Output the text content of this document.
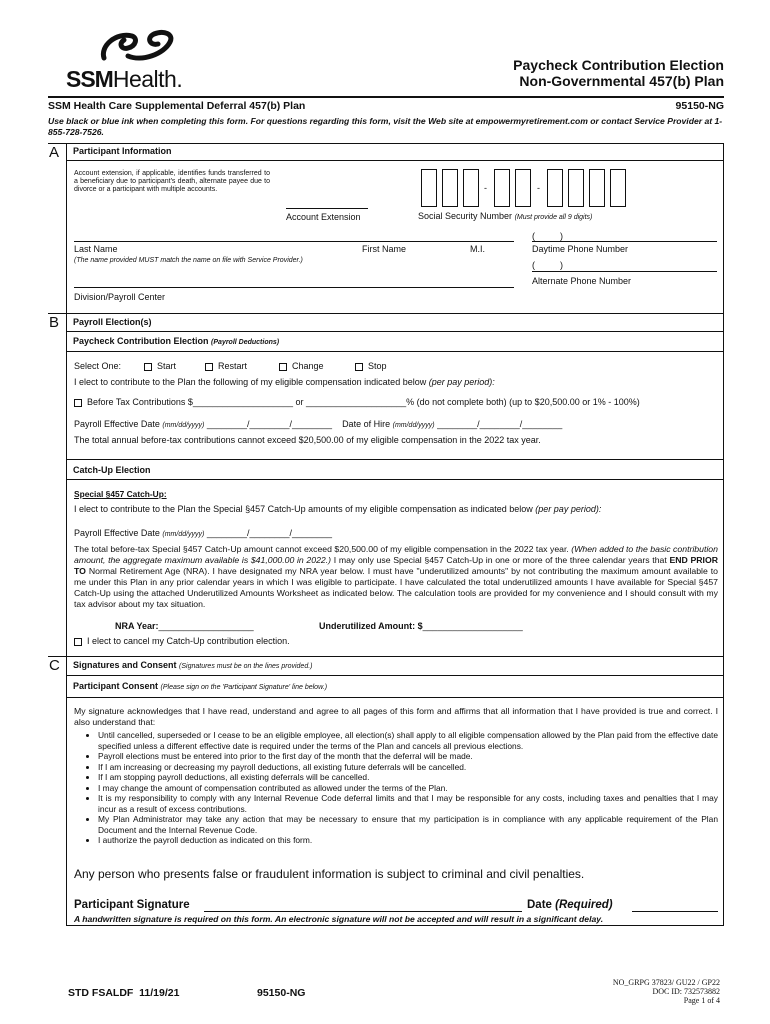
SSMHealth.
Paycheck Contribution Election
Non-Governmental 457(b) Plan
SSM Health Care Supplemental Deferral 457(b) Plan	95150-NG
Use black or blue ink when completing this form. For questions regarding this form, visit the Web site at empowermyretirement.com or contact Service Provider at 1-855-728-7526.
A Participant Information
Account extension, if applicable, identifies funds transferred to a beneficiary due to participant's death, alternate payee due to divorce or a participant with multiple accounts.
Account Extension
-	-
Social Security Number (Must provide all 9 digits)
(          )
Last Name	First Name	M.I.	Daytime Phone Number
(The name provided MUST match the name on file with Service Provider.)	(          )
Alternate Phone Number
Division/Payroll Center
B Payroll Election(s)
Paycheck Contribution Election (Payroll Deductions)
Select One:	Start	Restart	Change	Stop
I elect to contribute to the Plan the following of my eligible compensation indicated below (per pay period):
Before Tax Contributions $____________________ or ____________________% (do not complete both) (up to $20,500.00 or 1% - 100%)
Payroll Effective Date (mm/dd/yyyy) ________/________/________ Date of Hire (mm/dd/yyyy) ________/________/________
The total annual before-tax contributions cannot exceed $20,500.00 of my eligible compensation in the 2022 tax year.
Catch-Up Election
Special §457 Catch-Up:
I elect to contribute to the Plan the Special §457 Catch-Up amounts of my eligible compensation as indicated below (per pay period):
Payroll Effective Date (mm/dd/yyyy) ________/________/________
The total before-tax Special §457 Catch-Up amount cannot exceed $20,500.00 of my eligible compensation in the 2022 tax year. (When added to the basic contribution amount, the aggregate maximum available is $41,000.00 in 2022.) I may only use Special §457 Catch-Up in one or more of the three calendar years that END PRIOR TO Normal Retirement Age (NRA). I have designated my NRA year below. I must have "underutilized amounts" by not contributing the maximum amount available to me under this Plan in any prior calendar years in which I was eligible to participate. I have calculated the total underutilized amounts I have available for Special §457 Catch-Up using the attached Underutilized Amounts Worksheet as indicated below. The calculation tools are provided for my convenience and I should consult with my tax advisor about my tax situation.
NRA Year:___________________	Underutilized Amount: $____________________
I elect to cancel my Catch-Up contribution election.
C Signatures and Consent (Signatures must be on the lines provided.)
Participant Consent (Please sign on the 'Participant Signature' line below.)
My signature acknowledges that I have read, understand and agree to all pages of this form and affirms that all information that I have provided is true and correct. I also understand that:
• Until cancelled, superseded or I cease to be an eligible employee, all election(s) shall apply to all eligible compensation allowed by the Plan paid from the effective date specified unless a different effective date is required under the terms of the Plan and cancels all previous elections.
• Payroll elections must be entered into prior to the first day of the month that the deferral will be made.
• If I am increasing or decreasing my payroll deductions, all existing future deferrals will be cancelled.
• If I am stopping payroll deductions, all existing deferrals will be cancelled.
• I may change the amount of compensation contributed as allowed under the terms of the Plan.
• It is my responsibility to comply with any Internal Revenue Code deferral limits and that I may be responsible for any costs, including taxes and penalties that I may incur as a result of excess contributions.
• My Plan Administrator may take any action that may be necessary to ensure that my participation is in compliance with any applicable requirement of the Plan Document and the Internal Revenue Code.
• I authorize the payroll deduction as indicated on this form.
Any person who presents false or fraudulent information is subject to criminal and civil penalties.
Participant Signature	Date (Required)
A handwritten signature is required on this form. An electronic signature will not be accepted and will result in a significant delay.
STD FSALDF  11/19/21	95150-NG
NO_GRPG 37823/ GU22 / GP22
DOC ID: 732573882
Page 1 of 4
